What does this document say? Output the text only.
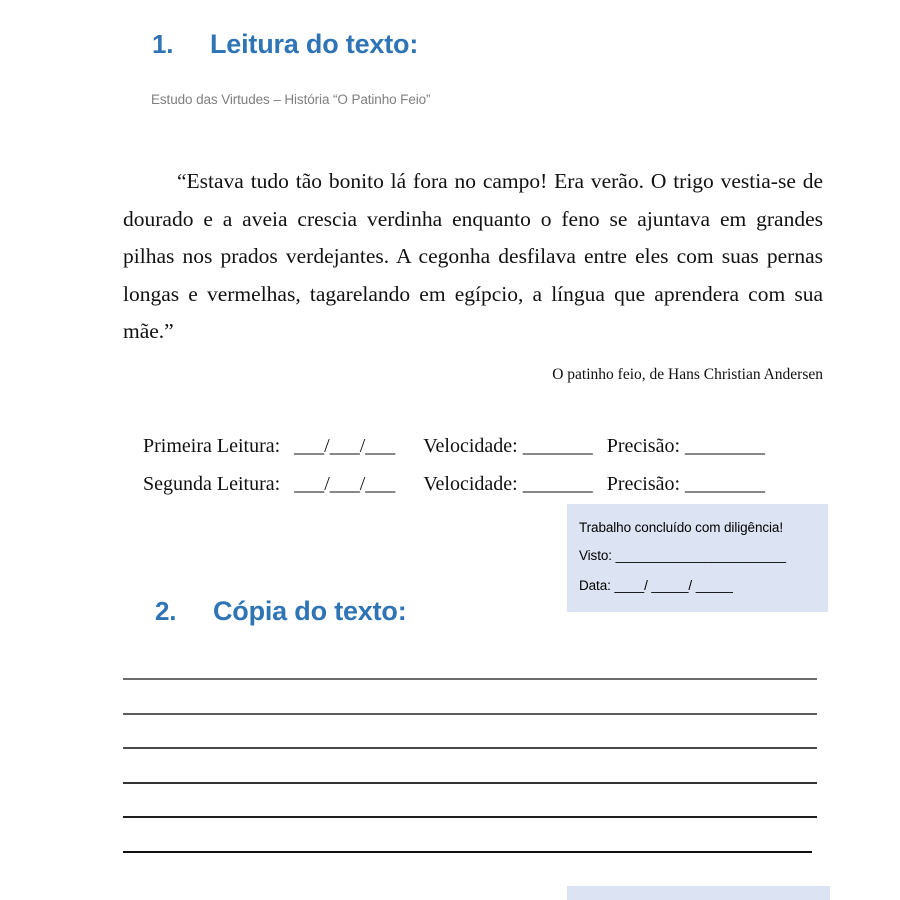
1.	Leitura do texto:
Estudo das Virtudes – História “O Patinho Feio”
“Estava tudo tão bonito lá fora no campo! Era verão. O trigo vestia-se de dourado e a aveia crescia verdinha enquanto o feno se ajuntava em grandes pilhas nos prados verdejantes. A cegonha desfilava entre eles com suas pernas longas e vermelhas, tagarelando em egípcio, a língua que aprendera com sua mãe.”
O patinho feio, de Hans Christian Andersen

Primeira Leitura: ___/___/___ Velocidade: _______ Precisão: ________

Segunda Leitura: ___/___/___ Velocidade: _______ Precisão: ________

Trabalho concluído com diligência!
Visto: _______________________
Data: ____/ _____/ _____
2.	Cópia do texto:
